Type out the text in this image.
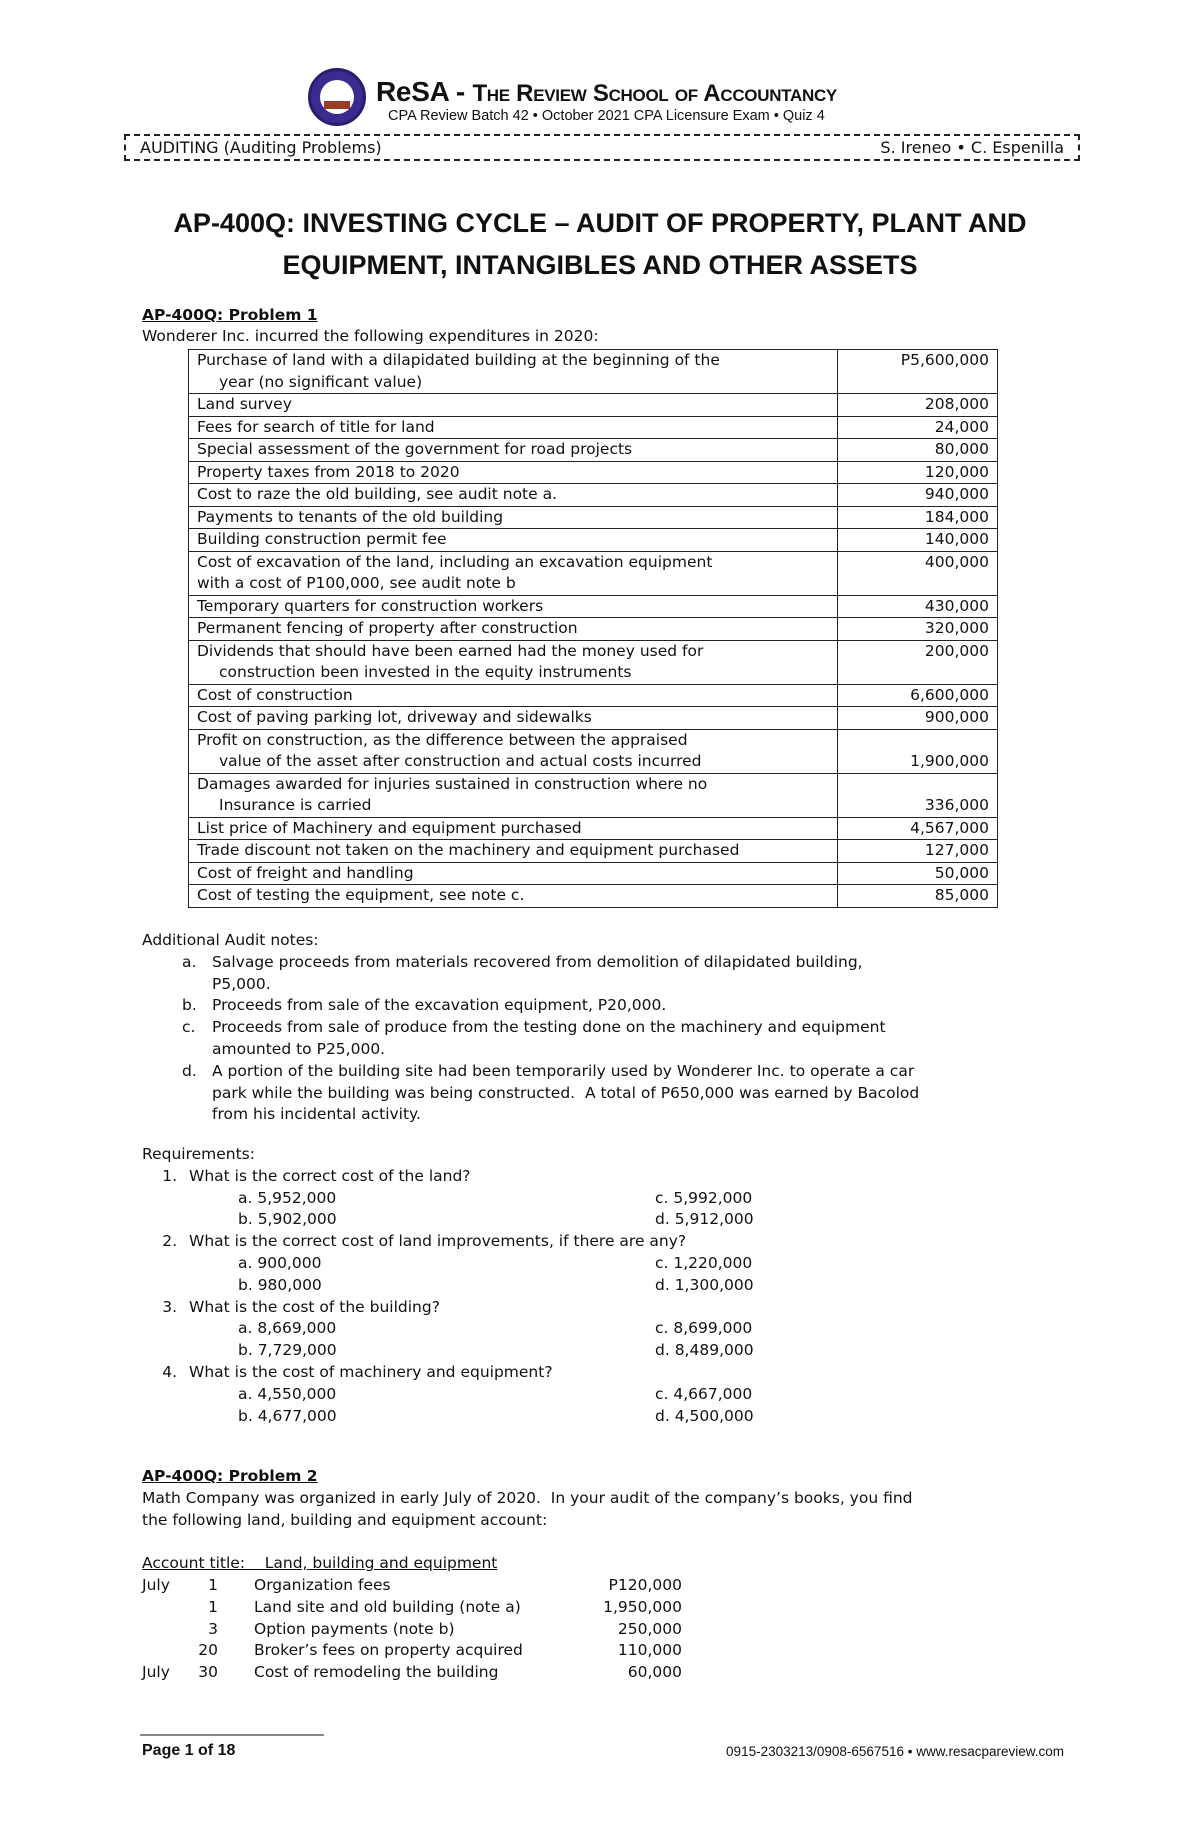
ReSA - The Review School of Accountancy
CPA Review Batch 42 • October 2021 CPA Licensure Exam • Quiz 4
AUDITING (Auditing Problems)	S. Ireneo • C. Espenilla
AP-400Q: INVESTING CYCLE – AUDIT OF PROPERTY, PLANT AND
EQUIPMENT, INTANGIBLES AND OTHER ASSETS
AP-400Q: Problem 1
Wonderer Inc. incurred the following expenditures in 2020:
Purchase of land with a dilapidated building at the beginning of the
year (no significant value)	P5,600,000

Land survey	208,000

Fees for search of title for land	24,000

Special assessment of the government for road projects	80,000

Property taxes from 2018 to 2020	120,000

Cost to raze the old building, see audit note a.	940,000

Payments to tenants of the old building	184,000

Building construction permit fee	140,000

Cost of excavation of the land, including an excavation equipment
with a cost of P100,000, see audit note b	400,000

Temporary quarters for construction workers	430,000

Permanent fencing of property after construction	320,000

Dividends that should have been earned had the money used for
construction been invested in the equity instruments	200,000

Cost of construction	6,600,000

Cost of paving parking lot, driveway and sidewalks	900,000

Profit on construction, as the difference between the appraised
value of the asset after construction and actual costs incurred	1,900,000

Damages awarded for injuries sustained in construction where no
Insurance is carried	336,000

List price of Machinery and equipment purchased	4,567,000

Trade discount not taken on the machinery and equipment purchased	127,000

Cost of freight and handling	50,000

Cost of testing the equipment, see note c.	85,000
Additional Audit notes:
a.	Salvage proceeds from materials recovered from demolition of dilapidated building,
P5,000.
b. Proceeds from sale of the excavation equipment, P20,000.
c.	Proceeds from sale of produce from the testing done on the machinery and equipment
amounted to P25,000.
d. A portion of the building site had been temporarily used by Wonderer Inc. to operate a car
park while the building was being constructed.  A total of P650,000 was earned by Bacolod
from his incidental activity.
Requirements:
1. What is the correct cost of the land?
a. 5,952,000	c. 5,992,000
b. 5,902,000	d. 5,912,000
2. What is the correct cost of land improvements, if there are any?
a. 900,000	c. 1,220,000
b. 980,000	d. 1,300,000
3. What is the cost of the building?
a. 8,669,000	c. 8,699,000
b. 7,729,000	d. 8,489,000
4. What is the cost of machinery and equipment?
a. 4,550,000	c. 4,667,000
b. 4,677,000	d. 4,500,000
AP-400Q: Problem 2
Math Company was organized in early July of 2020.  In your audit of the company’s books, you find
the following land, building and equipment account:

Account title:    Land, building and equipment
July	1	Organization fees	P120,000
	1	Land site and old building (note a)	1,950,000
	3	Option payments (note b)	250,000
	20	Broker’s fees on property acquired	110,000
July	30	Cost of remodeling the building	60,000
Page 1 of 18	0915-2303213/0908-6567516 • www.resacpareview.com
